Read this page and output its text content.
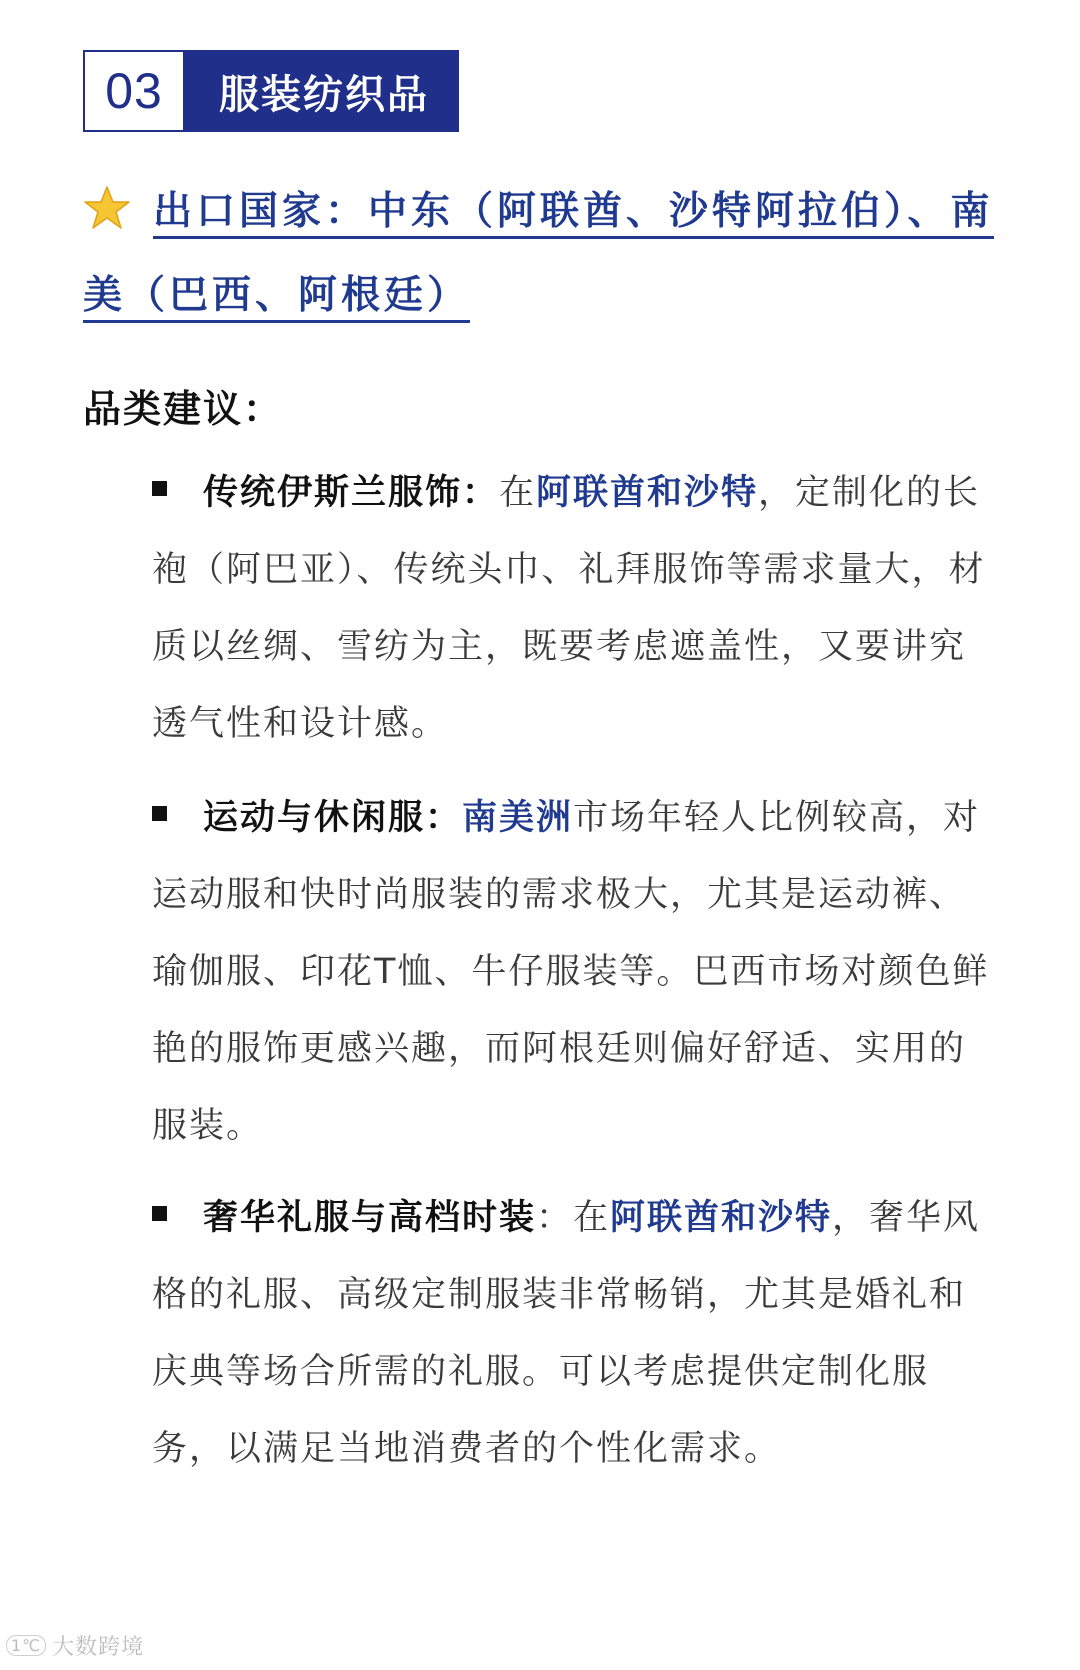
03	服装纺织品
出口国家：中东（阿联酋、沙特阿拉伯）、南美（巴西、阿根廷）
品类建议：
传统伊斯兰服饰：在阿联酋和沙特，定制化的长袍（阿巴亚）、传统头巾、礼拜服饰等需求量大，材质以丝绸、雪纺为主，既要考虑遮盖性，又要讲究透气性和设计感。
运动与休闲服：南美洲市场年轻人比例较高，对运动服和快时尚服装的需求极大，尤其是运动裤、瑜伽服、印花T恤、牛仔服装等。巴西市场对颜色鲜艳的服饰更感兴趣，而阿根廷则偏好舒适、实用的服装。
奢华礼服与高档时装：在阿联酋和沙特，奢华风格的礼服、高级定制服装非常畅销，尤其是婚礼和庆典等场合所需的礼服。可以考虑提供定制化服务，以满足当地消费者的个性化需求。
1℃ 大数跨境
